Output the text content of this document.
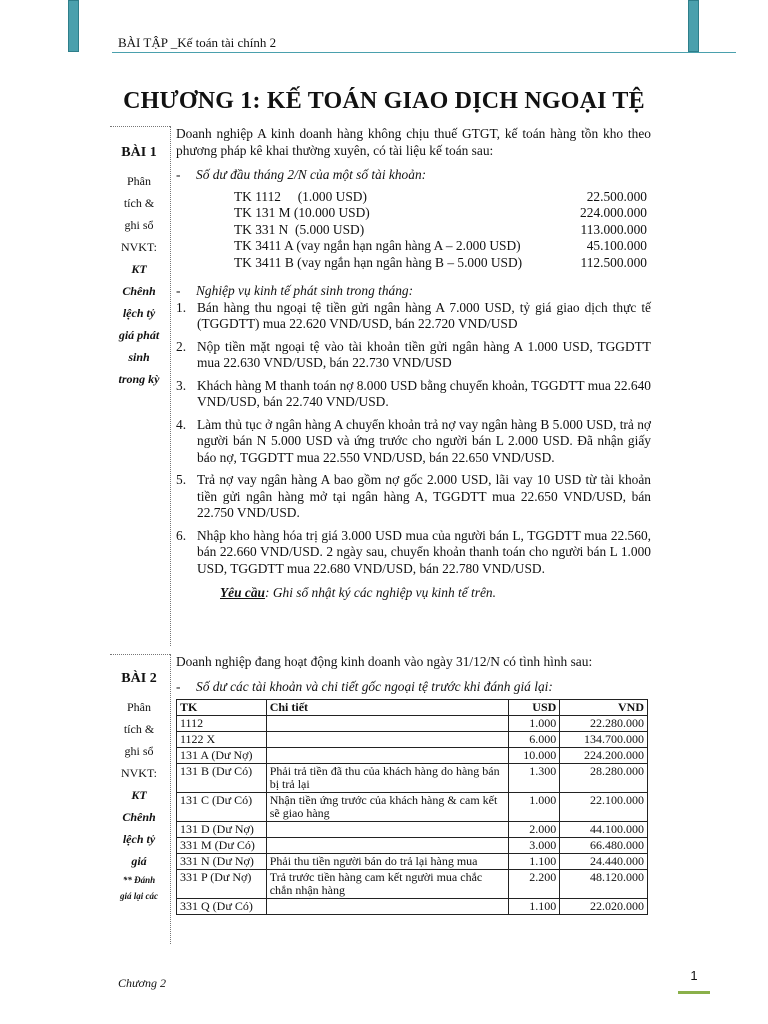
BÀI TẬP _Kế toán tài chính 2
CHƯƠNG 1: KẾ TOÁN GIAO DỊCH NGOẠI TỆ
BÀI 1
Phân
tích &
ghi sổ
NVKT:
KT
Chênh
lệch tỷ
giá phát
sinh
trong kỳ
Doanh nghiệp A kinh doanh hàng không chịu thuế GTGT, kế toán hàng tồn kho theo phương pháp kê khai thường xuyên, có tài liệu kế toán sau:
- Số dư đầu tháng 2/N của một số tài khoản:
TK 1112     (1.000 USD)	22.500.000
TK 131 M (10.000 USD)	224.000.000
TK 331 N  (5.000 USD)	113.000.000
TK 3411 A (vay ngắn hạn ngân hàng A – 2.000 USD)	45.100.000
TK 3411 B (vay ngắn hạn ngân hàng B – 5.000 USD)	112.500.000
- Nghiệp vụ kinh tế phát sinh trong tháng:
1. Bán hàng thu ngoại tệ tiền gửi ngân hàng A 7.000 USD, tỷ giá giao dịch thực tế (TGGDTT) mua 22.620 VND/USD, bán 22.720 VND/USD
2. Nộp tiền mặt ngoại tệ vào tài khoản tiền gửi ngân hàng A 1.000 USD, TGGDTT mua 22.630 VND/USD, bán 22.730 VND/USD
3. Khách hàng M thanh toán nợ 8.000 USD bằng chuyển khoản, TGGDTT mua 22.640 VND/USD, bán 22.740 VND/USD.
4. Làm thủ tục ở ngân hàng A chuyển khoản trả nợ vay ngân hàng B 5.000 USD, trả nợ người bán N 5.000 USD và ứng trước cho người bán L 2.000 USD. Đã nhận giấy báo nợ, TGGDTT mua 22.550 VND/USD, bán 22.650 VND/USD.
5. Trả nợ vay ngân hàng A bao gồm nợ gốc 2.000 USD, lãi vay 10 USD từ tài khoản tiền gửi ngân hàng mở tại ngân hàng A, TGGDTT mua 22.650 VND/USD, bán 22.750 VND/USD.
6. Nhập kho hàng hóa trị giá 3.000 USD mua của người bán L, TGGDTT mua 22.560, bán 22.660 VND/USD. 2 ngày sau, chuyển khoản thanh toán cho người bán L 1.000 USD, TGGDTT mua 22.680 VND/USD, bán 22.780 VND/USD.
Yêu cầu: Ghi sổ nhật ký các nghiệp vụ kinh tế trên.
BÀI 2
Phân
tích &
ghi sổ
NVKT:
KT
Chênh
lệch tỷ
giá
** Đánh
giá lại các
Doanh nghiệp đang hoạt động kinh doanh vào ngày 31/12/N có tình hình sau:
- Số dư các tài khoản và chi tiết gốc ngoại tệ trước khi đánh giá lại:
TK	Chi tiết	USD	VND
1112		1.000	22.280.000
1122 X		6.000	134.700.000
131 A (Dư Nợ)		10.000	224.200.000
131 B (Dư Có)	Phải trả tiền đã thu của khách hàng do hàng bán bị trả lại	1.300	28.280.000
131 C (Dư Có)	Nhận tiền ứng trước của khách hàng & cam kết sẽ giao hàng	1.000	22.100.000
131 D (Dư Nợ)		2.000	44.100.000
331 M (Dư Có)		3.000	66.480.000
331 N (Dư Nợ)	Phải thu tiền người bán do trả lại hàng mua	1.100	24.440.000
331 P (Dư Nợ)	Trả trước tiền hàng cam kết người mua chắc chắn nhận hàng	2.200	48.120.000
331 Q (Dư Có)		1.100	22.020.000
Chương 2	1
